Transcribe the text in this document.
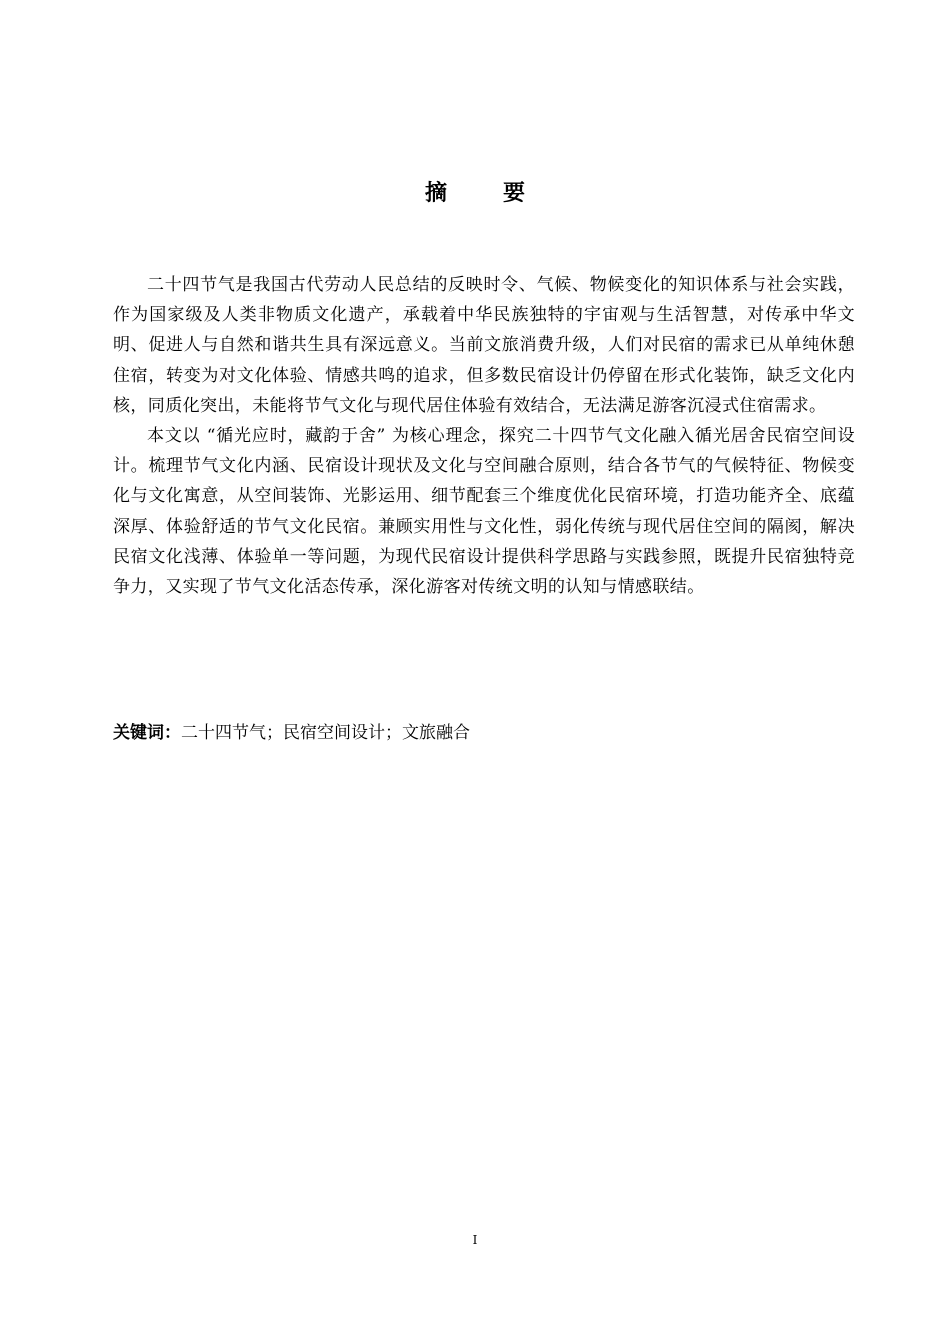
摘要

二十四节气是我国古代劳动人民总结的反映时令、气候、物候变化的知识体系与社会实践，作为国家级及人类非物质文化遗产，承载着中华民族独特的宇宙观与生活智慧，对传承中华文明、促进人与自然和谐共生具有深远意义。当前文旅消费升级，人们对民宿的需求已从单纯休憩住宿，转变为对文化体验、情感共鸣的追求，但多数民宿设计仍停留在形式化装饰，缺乏文化内核，同质化突出，未能将节气文化与现代居住体验有效结合，无法满足游客沉浸式住宿需求。

本文以 “循光应时，藏韵于舍” 为核心理念，探究二十四节气文化融入循光居舍民宿空间设计。梳理节气文化内涵、民宿设计现状及文化与空间融合原则，结合各节气的气候特征、物候变化与文化寓意，从空间装饰、光影运用、细节配套三个维度优化民宿环境，打造功能齐全、底蕴深厚、体验舒适的节气文化民宿。兼顾实用性与文化性，弱化传统与现代居住空间的隔阂，解决民宿文化浅薄、体验单一等问题，为现代民宿设计提供科学思路与实践参照，既提升民宿独特竞争力，又实现了节气文化活态传承，深化游客对传统文明的认知与情感联结。

关键词：二十四节气；民宿空间设计；文旅融合
I
